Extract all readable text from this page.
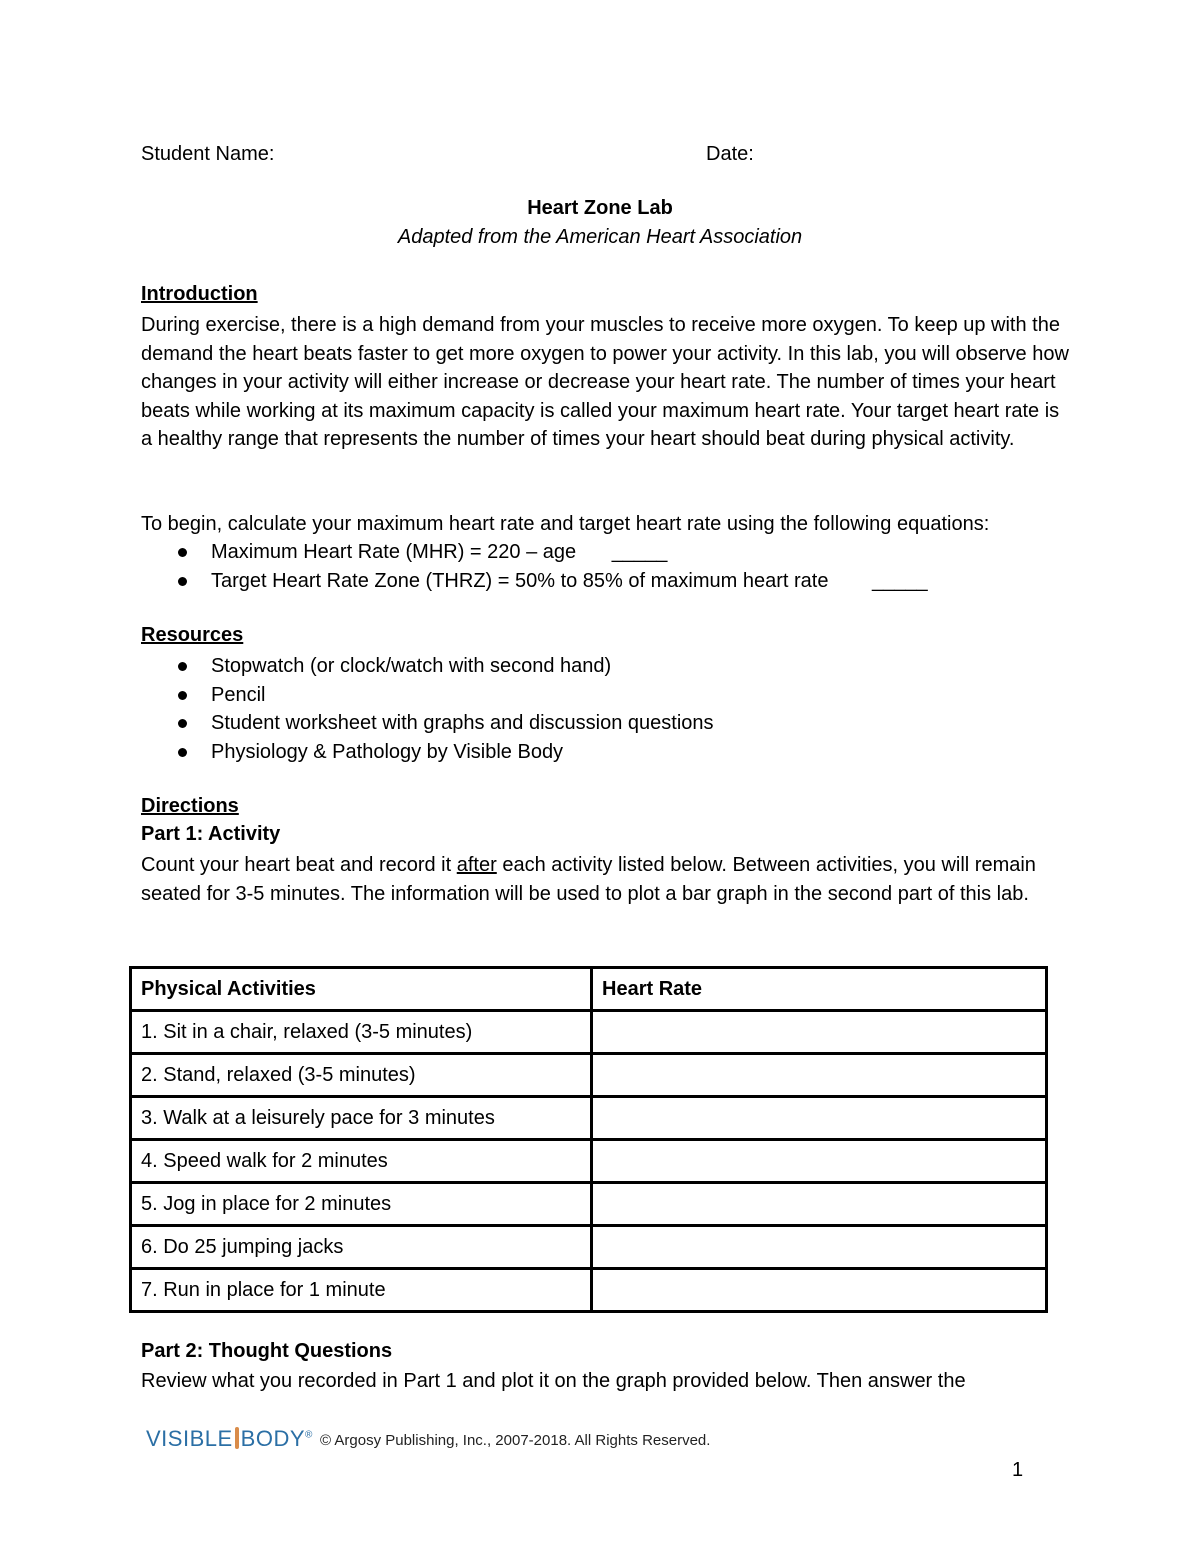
Student Name:	Date:
Heart Zone Lab
Adapted from the American Heart Association
Introduction
During exercise, there is a high demand from your muscles to receive more oxygen. To keep up with the demand the heart beats faster to get more oxygen to power your activity. In this lab, you will observe how changes in your activity will either increase or decrease your heart rate. The number of times your heart beats while working at its maximum capacity is called your maximum heart rate. Your target heart rate is a healthy range that represents the number of times your heart should beat during physical activity.
To begin, calculate your maximum heart rate and target heart rate using the following equations:
Maximum Heart Rate (MHR) = 220 – age _____
Target Heart Rate Zone (THRZ) = 50% to 85% of maximum heart rate _____
Resources
Stopwatch (or clock/watch with second hand)
Pencil
Student worksheet with graphs and discussion questions
Physiology & Pathology by Visible Body
Directions
Part 1: Activity
Count your heart beat and record it after each activity listed below. Between activities, you will remain seated for 3-5 minutes. The information will be used to plot a bar graph in the second part of this lab.
Physical Activities	Heart Rate
1. Sit in a chair, relaxed (3-5 minutes)	
2. Stand, relaxed (3-5 minutes)	
3. Walk at a leisurely pace for 3 minutes	
4. Speed walk for 2 minutes	
5. Jog in place for 2 minutes	
6. Do 25 jumping jacks	
7. Run in place for 1 minute	
Part 2: Thought Questions
Review what you recorded in Part 1 and plot it on the graph provided below. Then answer the
VISIBLE BODY® © Argosy Publishing, Inc., 2007-2018. All Rights Reserved.
1
